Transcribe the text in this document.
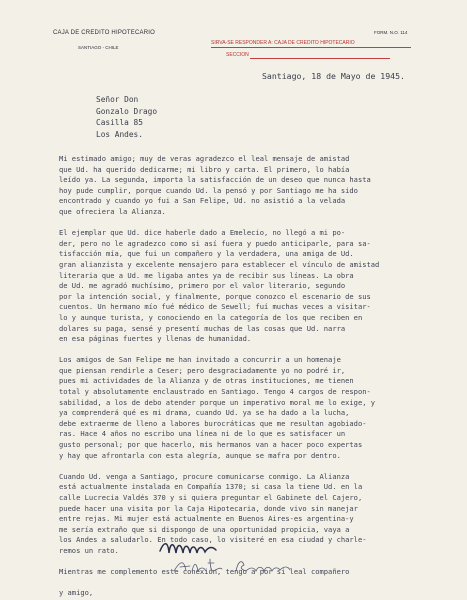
CAJA DE CREDITO HIPOTECARIO
SANTIAGO - CHILE
FORM. N.O. 114
SIRVA-SE RESPONDER A: CAJA DE CREDITO HIPOTECARIO
SECCION
Santiago, 18 de Mayo de 1945.
Señor Don
Gonzalo Drago
Casilla 85
Los Andes.
Mi estimado amigo; muy de veras agradezco el leal mensaje de amistad
que Ud. ha querido dedicarme; mi libro y carta. El primero, lo había
leído ya. La segunda, importa la satisfacción de un deseo que nunca hasta
hoy pude cumplir, porque cuando Ud. la pensó y por Santiago me ha sido
encontrado y cuando yo fui a San Felipe, Ud. no asistió a la velada
que ofreciera la Alianza.
El ejemplar que Ud. dice haberle dado a Emelecio, no llegó a mi po-
der, pero no le agradezco como si así fuera y puedo anticiparle, para sa-
tisfacción mía, que fui un compañero y la verdadera, una amiga de Ud.
gran alianzista y excelente mensajero para establecer el vínculo de amistad
literaria que a Ud. me ligaba antes ya de recibir sus líneas. La obra
de Ud. me agradó muchísimo, primero por el valor literario, segundo
por la intención social, y finalmente, porque conozco el escenario de sus
cuentos. Un hermano mío fué médico de Sewell; fuí muchas veces a visitar-
lo y aunque turista, y conociendo en la categoría de los que reciben en
dolares su paga, sensé y presentí muchas de las cosas que Ud. narra
en esa páginas fuertes y llenas de humanidad.
Los amigos de San Felipe me han invitado a concurrir a un homenaje
que piensan rendirle a Ceser; pero desgraciadamente yo no podré ir,
pues mi actividades de la Alianza y de otras instituciones, me tienen
total y absolutamente enclaustrado en Santiago. Tengo 4 cargos de respon-
sabilidad, a los de debo atender porque un imperativo moral me lo exige, y
ya comprenderá qué es mi drama, cuando Ud. ya se ha dado a la lucha,
debe extraerme de lleno a labores burocráticas que me resultan agobiado-
ras. Hace 4 años no escribo una línea ni de lo que es satisfacer un
gusto personal; por que hacerlo, mis hermanos van a hacer poco expertas
y hay que afrontarla con esta alegría, aunque se mafra por dentro.
Cuando Ud. venga a Santiago, procure comunicarse conmigo. La Alianza
está actualmente instalada en Compañía 1370; si casa la tiene Ud. en la
calle Lucrecia Valdés 370 y si quiera preguntar el Gabinete del Cajero,
puede hacer una visita por la Caja Hipotecaria, donde vivo sin manejar
entre rejas. Mi mujer está actualmente en Buenos Aires-es argentina-y
me sería extraño que si dispongo de una oportunidad propicia, vaya a
los Andes a saludarlo. En todo caso, lo visiteré en esa ciudad y charle-
remos un rato.
Mientras me complemento este conexión, tengo a por si leal compañero
y amigo,
